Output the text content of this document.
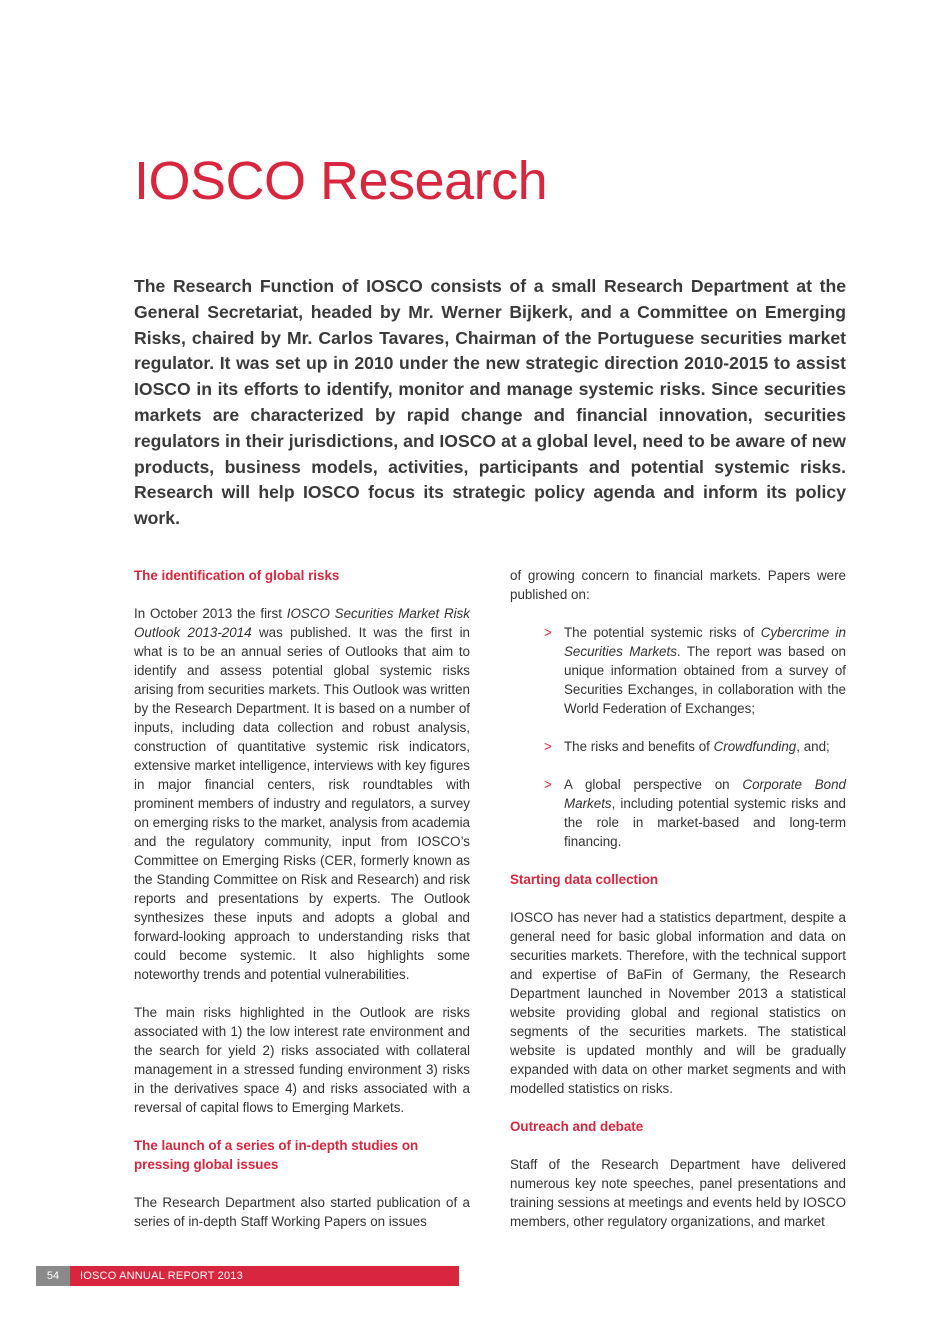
IOSCO Research

The Research Function of IOSCO consists of a small Research Department at the General Secretariat, headed by Mr. Werner Bijkerk, and a Committee on Emerging Risks, chaired by Mr. Carlos Tavares, Chairman of the Portuguese securities market regulator. It was set up in 2010 under the new strategic direction 2010-2015 to assist IOSCO in its efforts to identify, monitor and manage systemic risks. Since securities markets are characterized by rapid change and financial innovation, securities regulators in their jurisdictions, and IOSCO at a global level, need to be aware of new products, business models, activities, participants and potential systemic risks. Research will help IOSCO focus its strategic policy agenda and inform its policy work.

The identification of global risks

In October 2013 the first IOSCO Securities Market Risk Outlook 2013-2014 was published. It was the first in what is to be an annual series of Outlooks that aim to identify and assess potential global systemic risks arising from securities markets. This Outlook was written by the Research Department. It is based on a number of inputs, including data collection and robust analysis, construction of quantitative systemic risk indicators, extensive market intelligence, interviews with key figures in major financial centers, risk roundtables with prominent members of industry and regulators, a survey on emerging risks to the market, analysis from academia and the regulatory community, input from IOSCO’s Committee on Emerging Risks (CER, formerly known as the Standing Committee on Risk and Research) and risk reports and presentations by experts. The Outlook synthesizes these inputs and adopts a global and forward-looking approach to understanding risks that could become systemic. It also highlights some noteworthy trends and potential vulnerabilities.

The main risks highlighted in the Outlook are risks associated with 1) the low interest rate environment and the search for yield 2) risks associated with collateral management in a stressed funding environment 3) risks in the derivatives space 4) and risks associated with a reversal of capital flows to Emerging Markets.

The launch of a series of in-depth studies on pressing global issues

The Research Department also started publication of a series of in-depth Staff Working Papers on issues

of growing concern to financial markets. Papers were published on:

> The potential systemic risks of Cybercrime in Securities Markets. The report was based on unique information obtained from a survey of Securities Exchanges, in collaboration with the World Federation of Exchanges;
> The risks and benefits of Crowdfunding, and;
> A global perspective on Corporate Bond Markets, including potential systemic risks and the role in market-based and long-term financing.
Starting data collection

IOSCO has never had a statistics department, despite a general need for basic global information and data on securities markets. Therefore, with the technical support and expertise of BaFin of Germany, the Research Department launched in November 2013 a statistical website providing global and regional statistics on segments of the securities markets. The statistical website is updated monthly and will be gradually expanded with data on other market segments and with modelled statistics on risks.

Outreach and debate

Staff of the Research Department have delivered numerous key note speeches, panel presentations and training sessions at meetings and events held by IOSCO members, other regulatory organizations, and market

54	IOSCO ANNUAL REPORT 2013
